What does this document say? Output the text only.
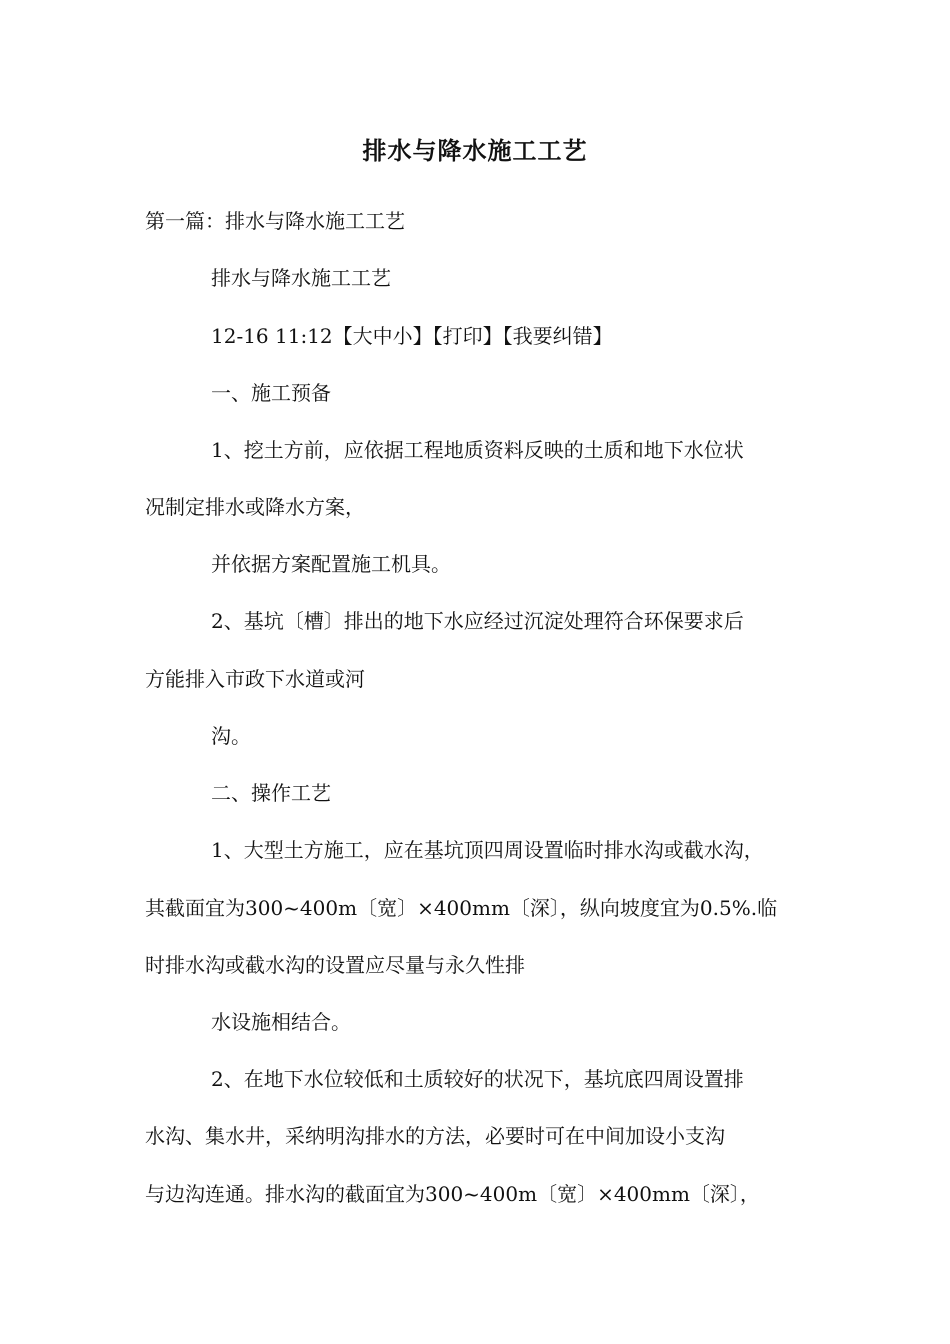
排水与降水施工工艺
第一篇：排水与降水施工工艺
排水与降水施工工艺
12-16 11:12【大中小】【打印】【我要纠错】
一、施工预备
1、挖土方前，应依据工程地质资料反映的土质和地下水位状
况制定排水或降水方案，
并依据方案配置施工机具。
2、基坑〔槽〕排出的地下水应经过沉淀处理符合环保要求后
方能排入市政下水道或河
沟。
二、操作工艺
1、大型土方施工，应在基坑顶四周设置临时排水沟或截水沟，
其截面宜为300~400m〔宽〕×400mm〔深〕，纵向坡度宜为0.5%.临
时排水沟或截水沟的设置应尽量与永久性排
水设施相结合。
2、在地下水位较低和土质较好的状况下，基坑底四周设置排
水沟、集水井，采纳明沟排水的方法，必要时可在中间加设小支沟
与边沟连通。排水沟的截面宜为300~400m〔宽〕×400mm〔深〕，
